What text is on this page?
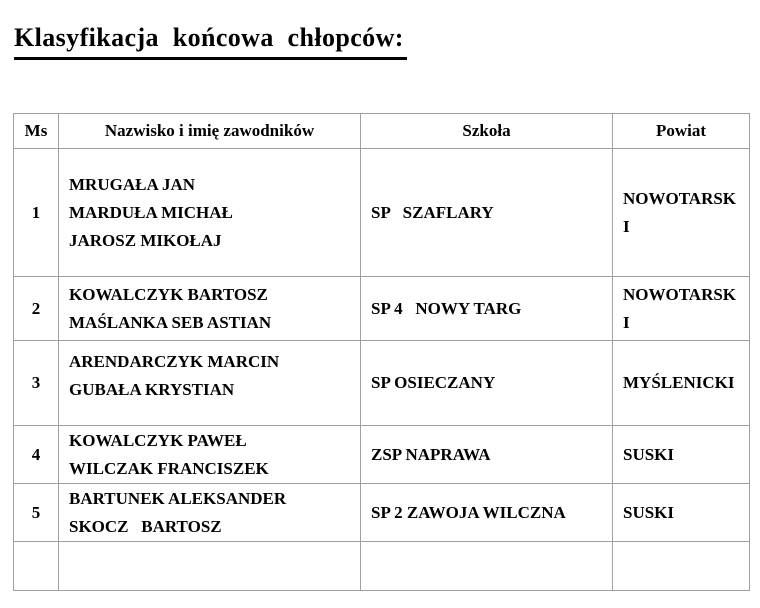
Klasyfikacja  końcowa  chłopców:
Ms	Nazwisko i imię zawodników	Szkoła	Powiat
1	MRUGAŁA JAN
MARDUŁA MICHAŁ
JAROSZ MIKOŁAJ	SP   SZAFLARY	NOWOTARSKI
2	KOWALCZYK BARTOSZ
MAŚLANKA SEB ASTIAN	SP 4   NOWY TARG	NOWOTARSKI
3	ARENDARCZYK MARCIN
GUBAŁA KRYSTIAN	SP OSIECZANY	MYŚLENICKI
4	KOWALCZYK PAWEŁ
WILCZAK FRANCISZEK	ZSP NAPRAWA	SUSKI
5	BARTUNEK ALEKSANDER
SKOCZ   BARTOSZ	SP 2 ZAWOJA WILCZNA	SUSKI
